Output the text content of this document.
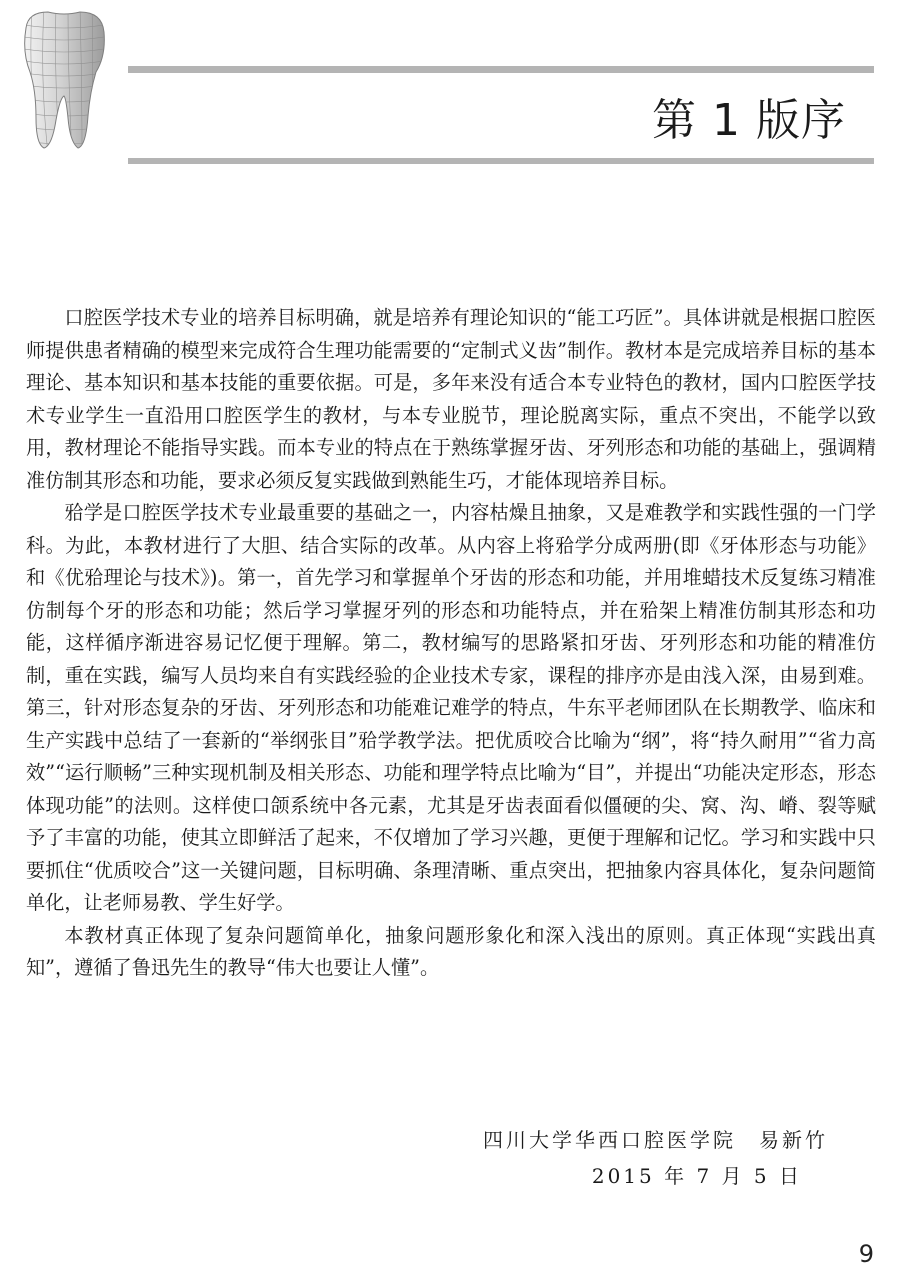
第 1 版序

口腔医学技术专业的培养目标明确，就是培养有理论知识的“能工巧匠”。具体讲就是根据口腔医师提供患者精确的模型来完成符合生理功能需要的“定制式义齿”制作。教材本是完成培养目标的基本理论、基本知识和基本技能的重要依据。可是，多年来没有适合本专业特色的教材，国内口腔医学技术专业学生一直沿用口腔医学生的教材，与本专业脱节，理论脱离实际，重点不突出，不能学以致用，教材理论不能指导实践。而本专业的特点在于熟练掌握牙齿、牙列形态和功能的基础上，强调精准仿制其形态和功能，要求必须反复实践做到熟能生巧，才能体现培养目标。

𬌗学是口腔医学技术专业最重要的基础之一，内容枯燥且抽象，又是难教学和实践性强的一门学科。为此，本教材进行了大胆、结合实际的改革。从内容上将𬌗学分成两册(即《牙体形态与功能》和《优𬌗理论与技术》)。第一，首先学习和掌握单个牙齿的形态和功能，并用堆蜡技术反复练习精准仿制每个牙的形态和功能；然后学习掌握牙列的形态和功能特点，并在𬌗架上精准仿制其形态和功能，这样循序渐进容易记忆便于理解。第二，教材编写的思路紧扣牙齿、牙列形态和功能的精准仿制，重在实践，编写人员均来自有实践经验的企业技术专家，课程的排序亦是由浅入深，由易到难。第三，针对形态复杂的牙齿、牙列形态和功能难记难学的特点，牛东平老师团队在长期教学、临床和生产实践中总结了一套新的“举纲张目”𬌗学教学法。把优质咬合比喻为“纲”，将“持久耐用”“省力高效”“运行顺畅”三种实现机制及相关形态、功能和理学特点比喻为“目”，并提出“功能决定形态，形态体现功能”的法则。这样使口颌系统中各元素，尤其是牙齿表面看似僵硬的尖、窝、沟、嵴、裂等赋予了丰富的功能，使其立即鲜活了起来，不仅增加了学习兴趣，更便于理解和记忆。学习和实践中只要抓住“优质咬合”这一关键问题，目标明确、条理清晰、重点突出，把抽象内容具体化，复杂问题简单化，让老师易教、学生好学。

本教材真正体现了复杂问题简单化，抽象问题形象化和深入浅出的原则。真正体现“实践出真知”，遵循了鲁迅先生的教导“伟大也要让人懂”。

四川大学华西口腔医学院　易新竹
2015 年 7 月 5 日
9
